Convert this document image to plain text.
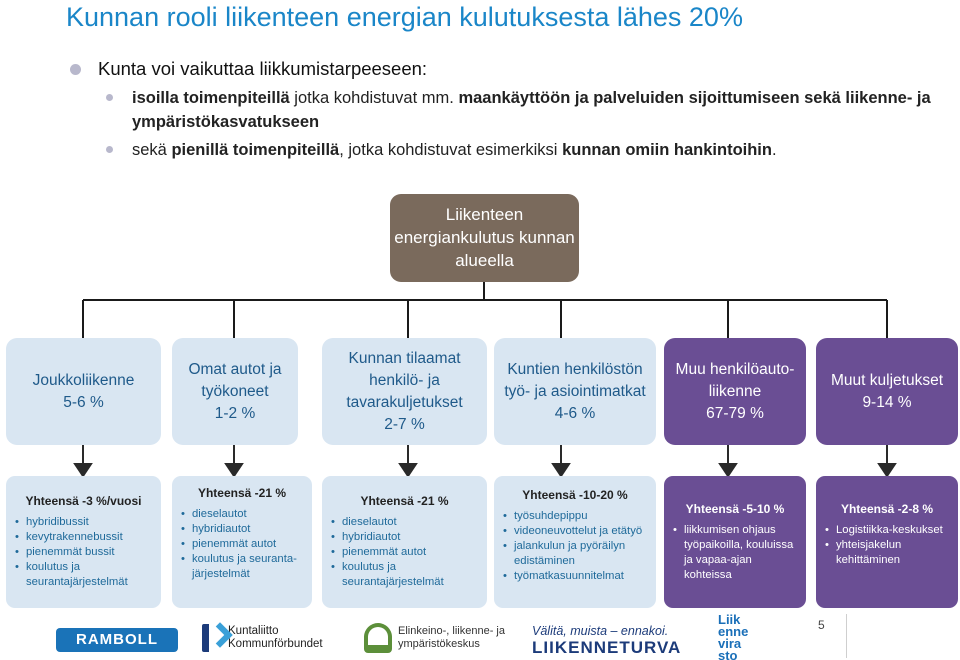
Kunnan rooli liikenteen energian kulutuksesta lähes 20%
Kunta voi vaikuttaa liikkumistarpeeseen:
isoilla toimenpiteillä jotka kohdistuvat mm. maankäyttöön ja palveluiden sijoittumiseen sekä liikenne- ja ympäristökasvatukseen
sekä pienillä toimenpiteillä, jotka kohdistuvat esimerkiksi kunnan omiin hankintoihin.
Liikenteen energiankulutus kunnan alueella
Joukkoliikenne
5-6 %
Omat autot ja työkoneet
1-2 %
Kunnan tilaamat henkilö- ja tavarakuljetukset
2-7 %
Kuntien henkilöstön työ- ja asiointimatkat
4-6 %
Muu henkilöauto-liikenne
67-79 %
Muut kuljetukset
9-14 %
Yhteensä -3 %/vuosi
• hybridibussit
• kevytrakennebussit
• pienemmät bussit
• koulutus ja seurantajärjestelmät
Yhteensä -21 %
• dieselautot
• hybridiautot
• pienemmät autot
• koulutus ja seuranta-järjestelmät
Yhteensä -21 %
• dieselautot
• hybridiautot
• pienemmät autot
• koulutus ja seurantajärjestelmät
Yhteensä -10-20 %
• työsuhdepippu
• videoneuvottelut ja etätyö
• jalankulun ja pyöräilyn edistäminen
• työmatkasuunnitelmat
Yhteensä -5-10 %
• liikkumisen ohjaus työpaikoilla, kouluissa ja vapaa-ajan kohteissa
Yhteensä -2-8 %
• Logistiikka-keskukset
• yhteisjakelun kehittäminen
RAMBOLL	Kuntaliitto
Kommunförbundet
Elinkeino-, liikenne- ja
ympäristökeskus
Välitä, muista – ennakoi.
LIIKENNETURVA
Liik
enne
vira
sto
5
